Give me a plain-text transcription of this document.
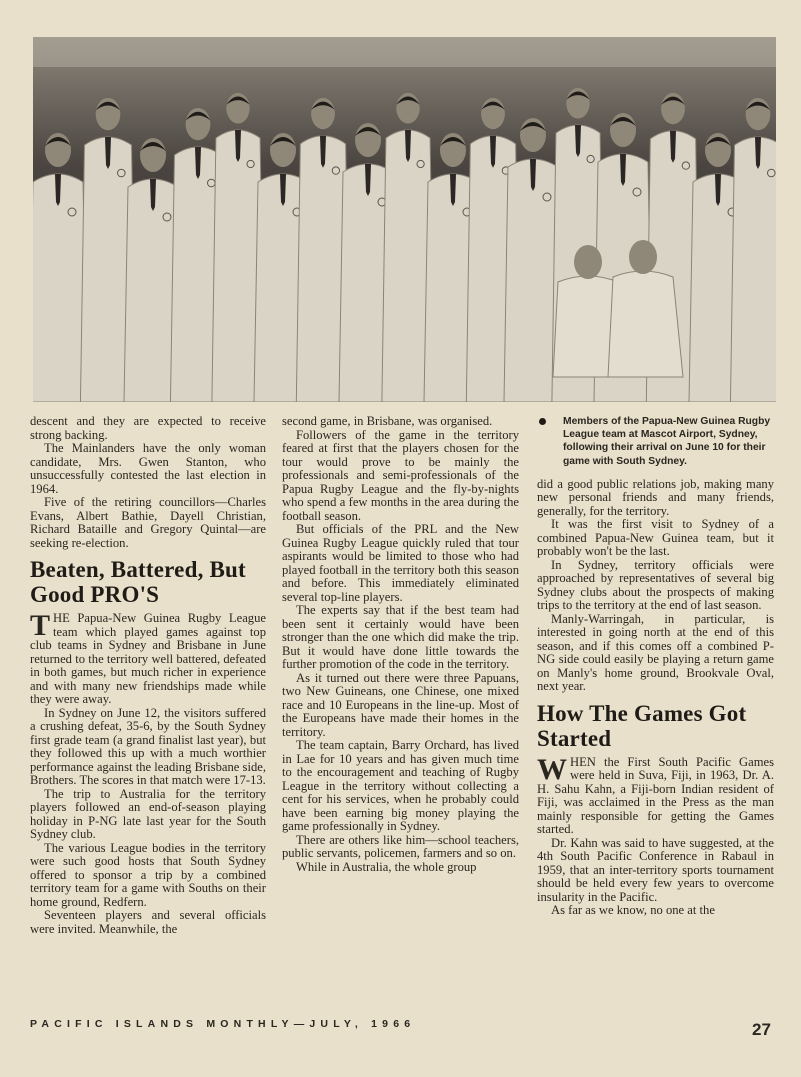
descent and they are expected to receive strong backing.

The Mainlanders have the only woman candidate, Mrs. Gwen Stanton, who unsuccessfully contested the last election in 1964.

Five of the retiring councillors—Charles Evans, Albert Bathie, Dayell Christian, Richard Bataille and Gregory Quintal—are seeking re-election.

Beaten, Battered, But Good PRO'S

THE Papua-New Guinea Rugby League team which played games against top club teams in Sydney and Brisbane in June returned to the territory well battered, defeated in both games, but much richer in experience and with many new friendships made while they were away.

In Sydney on June 12, the visitors suffered a crushing defeat, 35-6, by the South Sydney first grade team (a grand finalist last year), but they followed this up with a much worthier performance against the leading Brisbane side, Brothers. The scores in that match were 17-13.

The trip to Australia for the territory players followed an end-of-season playing holiday in P-NG late last year for the South Sydney club.

The various League bodies in the territory were such good hosts that South Sydney offered to sponsor a trip by a combined territory team for a game with Souths on their home ground, Redfern.

Seventeen players and several officials were invited. Meanwhile, the

second game, in Brisbane, was organised.

Followers of the game in the territory feared at first that the players chosen for the tour would prove to be mainly the professionals and semi-professionals of the Papua Rugby League and the fly-by-nights who spend a few months in the area during the football season.

But officials of the PRL and the New Guinea Rugby League quickly ruled that tour aspirants would be limited to those who had played football in the territory both this season and before. This immediately eliminated several top-line players.

The experts say that if the best team had been sent it certainly would have been stronger than the one which did make the trip. But it would have done little towards the further promotion of the code in the territory.

As it turned out there were three Papuans, two New Guineans, one Chinese, one mixed race and 10 Europeans in the line-up. Most of the Europeans have made their homes in the territory.

The team captain, Barry Orchard, has lived in Lae for 10 years and has given much time to the encouragement and teaching of Rugby League in the territory without collecting a cent for his services, when he probably could have been earning big money playing the game professionally in Sydney.

There are others like him—school teachers, public servants, policemen, farmers and so on.

While in Australia, the whole group

Members of the Papua-New Guinea Rugby League team at Mascot Airport, Sydney, following their arrival on June 10 for their game with South Sydney.

did a good public relations job, making many new personal friends and many friends, generally, for the territory.

It was the first visit to Sydney of a combined Papua-New Guinea team, but it probably won't be the last.

In Sydney, territory officials were approached by representatives of several big Sydney clubs about the prospects of making trips to the territory at the end of last season.

Manly-Warringah, in particular, is interested in going north at the end of this season, and if this comes off a combined P-NG side could easily be playing a return game on Manly's home ground, Brookvale Oval, next year.

How The Games Got Started

WHEN the First South Pacific Games were held in Suva, Fiji, in 1963, Dr. A. H. Sahu Kahn, a Fiji-born Indian resident of Fiji, was acclaimed in the Press as the man mainly responsible for getting the Games started.

Dr. Kahn was said to have suggested, at the 4th South Pacific Conference in Rabaul in 1959, that an inter-territory sports tournament should be held every few years to overcome insularity in the Pacific.

As far as we know, no one at the

PACIFIC ISLANDS MONTHLY—JULY, 1966	27
